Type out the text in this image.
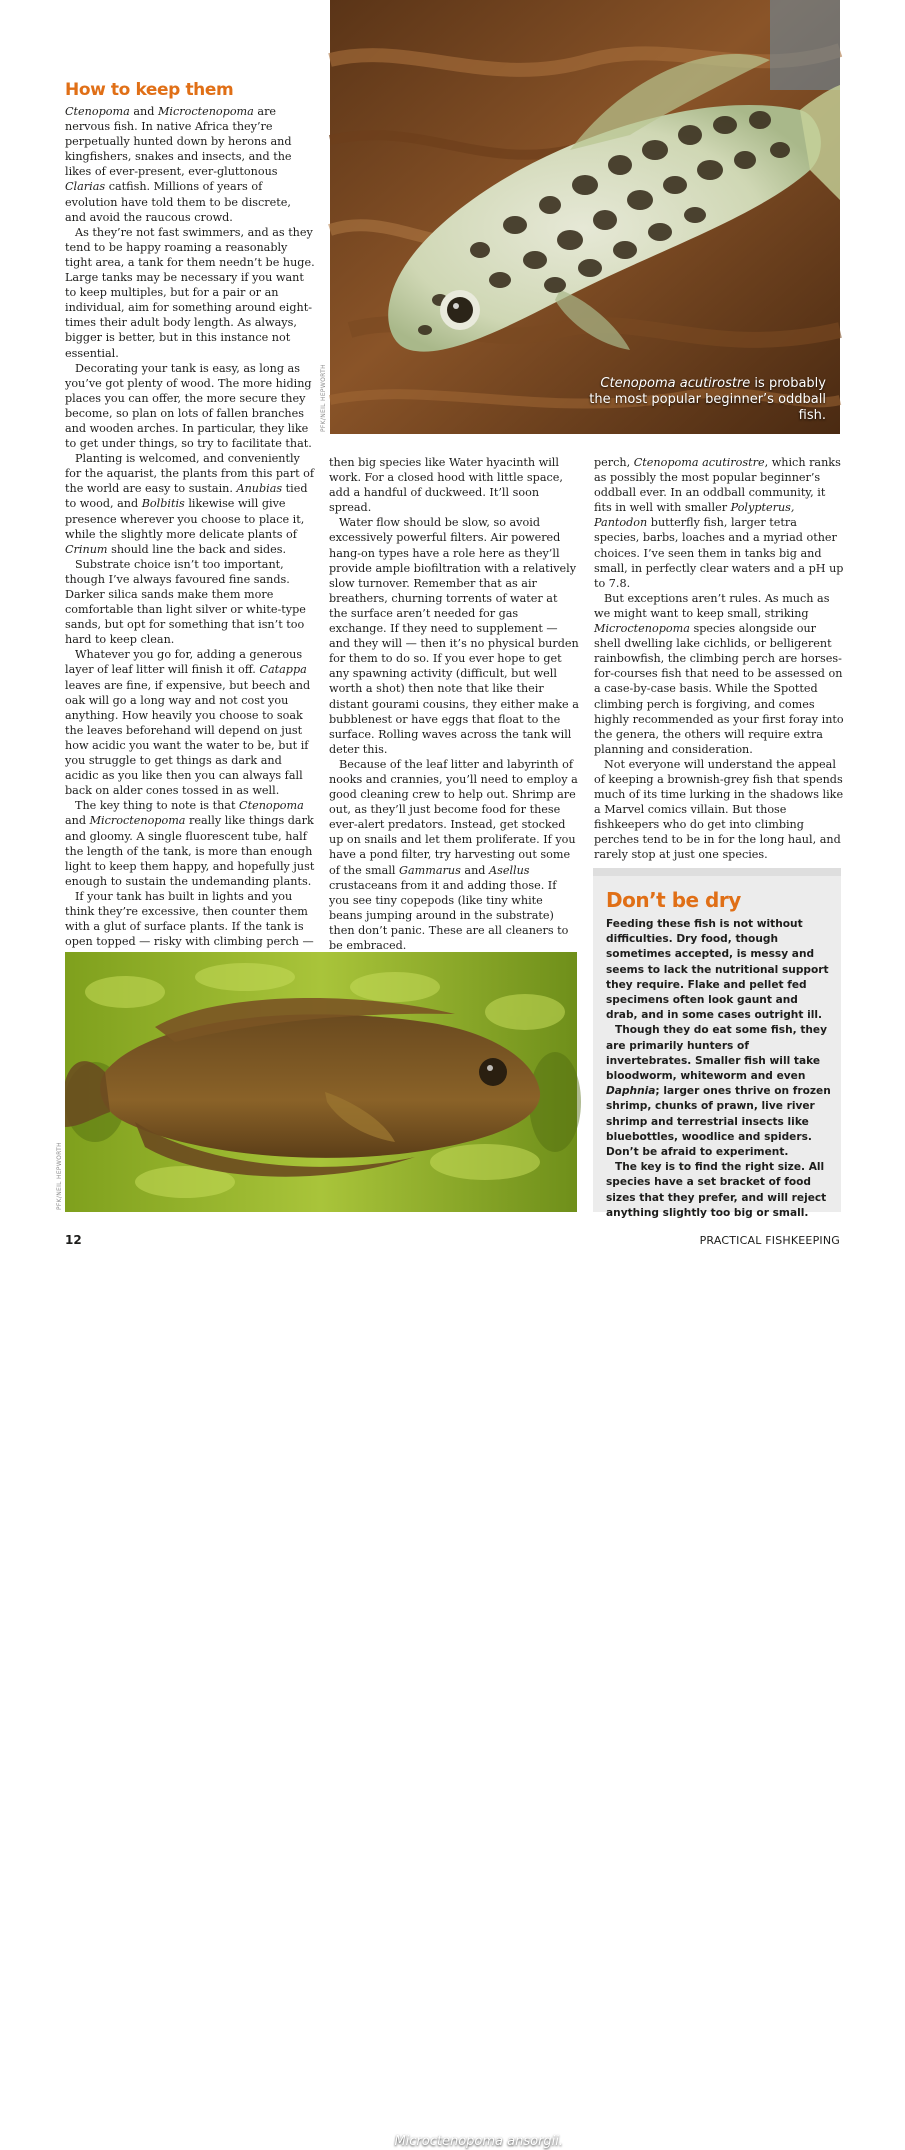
Ctenopoma acutirostre is probably the most popular beginner’s oddball fish.
PFK/NEIL HEPWORTH
How to keep them

Ctenopoma and Microctenopoma are nervous fish. In native Africa they’re perpetually hunted down by herons and kingfishers, snakes and insects, and the likes of ever-present, ever-gluttonous Clarias catfish. Millions of years of evolution have told them to be discrete, and avoid the raucous crowd.

As they’re not fast swimmers, and as they tend to be happy roaming a reasonably tight area, a tank for them needn’t be huge. Large tanks may be necessary if you want to keep multiples, but for a pair or an individual, aim for something around eight-times their adult body length. As always, bigger is better, but in this instance not essential.

Decorating your tank is easy, as long as you’ve got plenty of wood. The more hiding places you can offer, the more secure they become, so plan on lots of fallen branches and wooden arches. In particular, they like to get under things, so try to facilitate that.

Planting is welcomed, and conveniently for the aquarist, the plants from this part of the world are easy to sustain. Anubias tied to wood, and Bolbitis likewise will give presence wherever you choose to place it, while the slightly more delicate plants of Crinum should line the back and sides.

Substrate choice isn’t too important, though I’ve always favoured fine sands. Darker silica sands make them more comfortable than light silver or white-type sands, but opt for something that isn’t too hard to keep clean.

Whatever you go for, adding a generous layer of leaf litter will finish it off. Catappa leaves are fine, if expensive, but beech and oak will go a long way and not cost you anything. How heavily you choose to soak the leaves beforehand will depend on just how acidic you want the water to be, but if you struggle to get things as dark and acidic as you like then you can always fall back on alder cones tossed in as well.

The key thing to note is that Ctenopoma and Microctenopoma really like things dark and gloomy. A single fluorescent tube, half the length of the tank, is more than enough light to keep them happy, and hopefully just enough to sustain the undemanding plants.

If your tank has built in lights and you think they’re excessive, then counter them with a glut of surface plants. If the tank is open topped — risky with climbing perch —

then big species like Water hyacinth will work. For a closed hood with little space, add a handful of duckweed. It’ll soon spread.

Water flow should be slow, so avoid excessively powerful filters. Air powered hang-on types have a role here as they’ll provide ample biofiltration with a relatively slow turnover. Remember that as air breathers, churning torrents of water at the surface aren’t needed for gas exchange. If they need to supplement — and they will — then it’s no physical burden for them to do so. If you ever hope to get any spawning activity (difficult, but well worth a shot) then note that like their distant gourami cousins, they either make a bubblenest or have eggs that float to the surface. Rolling waves across the tank will deter this.

Because of the leaf litter and labyrinth of nooks and crannies, you’ll need to employ a good cleaning crew to help out. Shrimp are out, as they’ll just become food for these ever-alert predators. Instead, get stocked up on snails and let them proliferate. If you have a pond filter, try harvesting out some of the small Gammarus and Asellus crustaceans from it and adding those. If you see tiny copepods (like tiny white beans jumping around in the substrate) then don’t panic. These are all cleaners to be embraced.

perch, Ctenopoma acutirostre, which ranks as possibly the most popular beginner’s oddball ever. In an oddball community, it fits in well with smaller Polypterus, Pantodon butterfly fish, larger tetra species, barbs, loaches and a myriad other choices. I’ve seen them in tanks big and small, in perfectly clear waters and a pH up to 7.8.

But exceptions aren’t rules. As much as we might want to keep small, striking Microctenopoma species alongside our shell dwelling lake cichlids, or belligerent rainbowfish, the climbing perch are horses-for-courses fish that need to be assessed on a case-by-case basis. While the Spotted climbing perch is forgiving, and comes highly recommended as your first foray into the genera, the others will require extra planning and consideration.

Not everyone will understand the appeal of keeping a brownish-grey fish that spends much of its time lurking in the shadows like a Marvel comics villain. But those fishkeepers who do get into climbing perches tend to be in for the long haul, and rarely stop at just one species.

Microctenopoma ansorgii.
PFK/NEIL HEPWORTH
Don’t be dry

Feeding these fish is not without difficulties. Dry food, though sometimes accepted, is messy and seems to lack the nutritional support they require. Flake and pellet fed specimens often look gaunt and drab, and in some cases outright ill.

Though they do eat some fish, they are primarily hunters of invertebrates. Smaller fish will take bloodworm, whiteworm and even Daphnia; larger ones thrive on frozen shrimp, chunks of prawn, live river shrimp and terrestrial insects like bluebottles, woodlice and spiders. Don’t be afraid to experiment.

The key is to find the right size. All species have a set bracket of food sizes that they prefer, and will reject anything slightly too big or small.

12	PRACTICAL FISHKEEPING
